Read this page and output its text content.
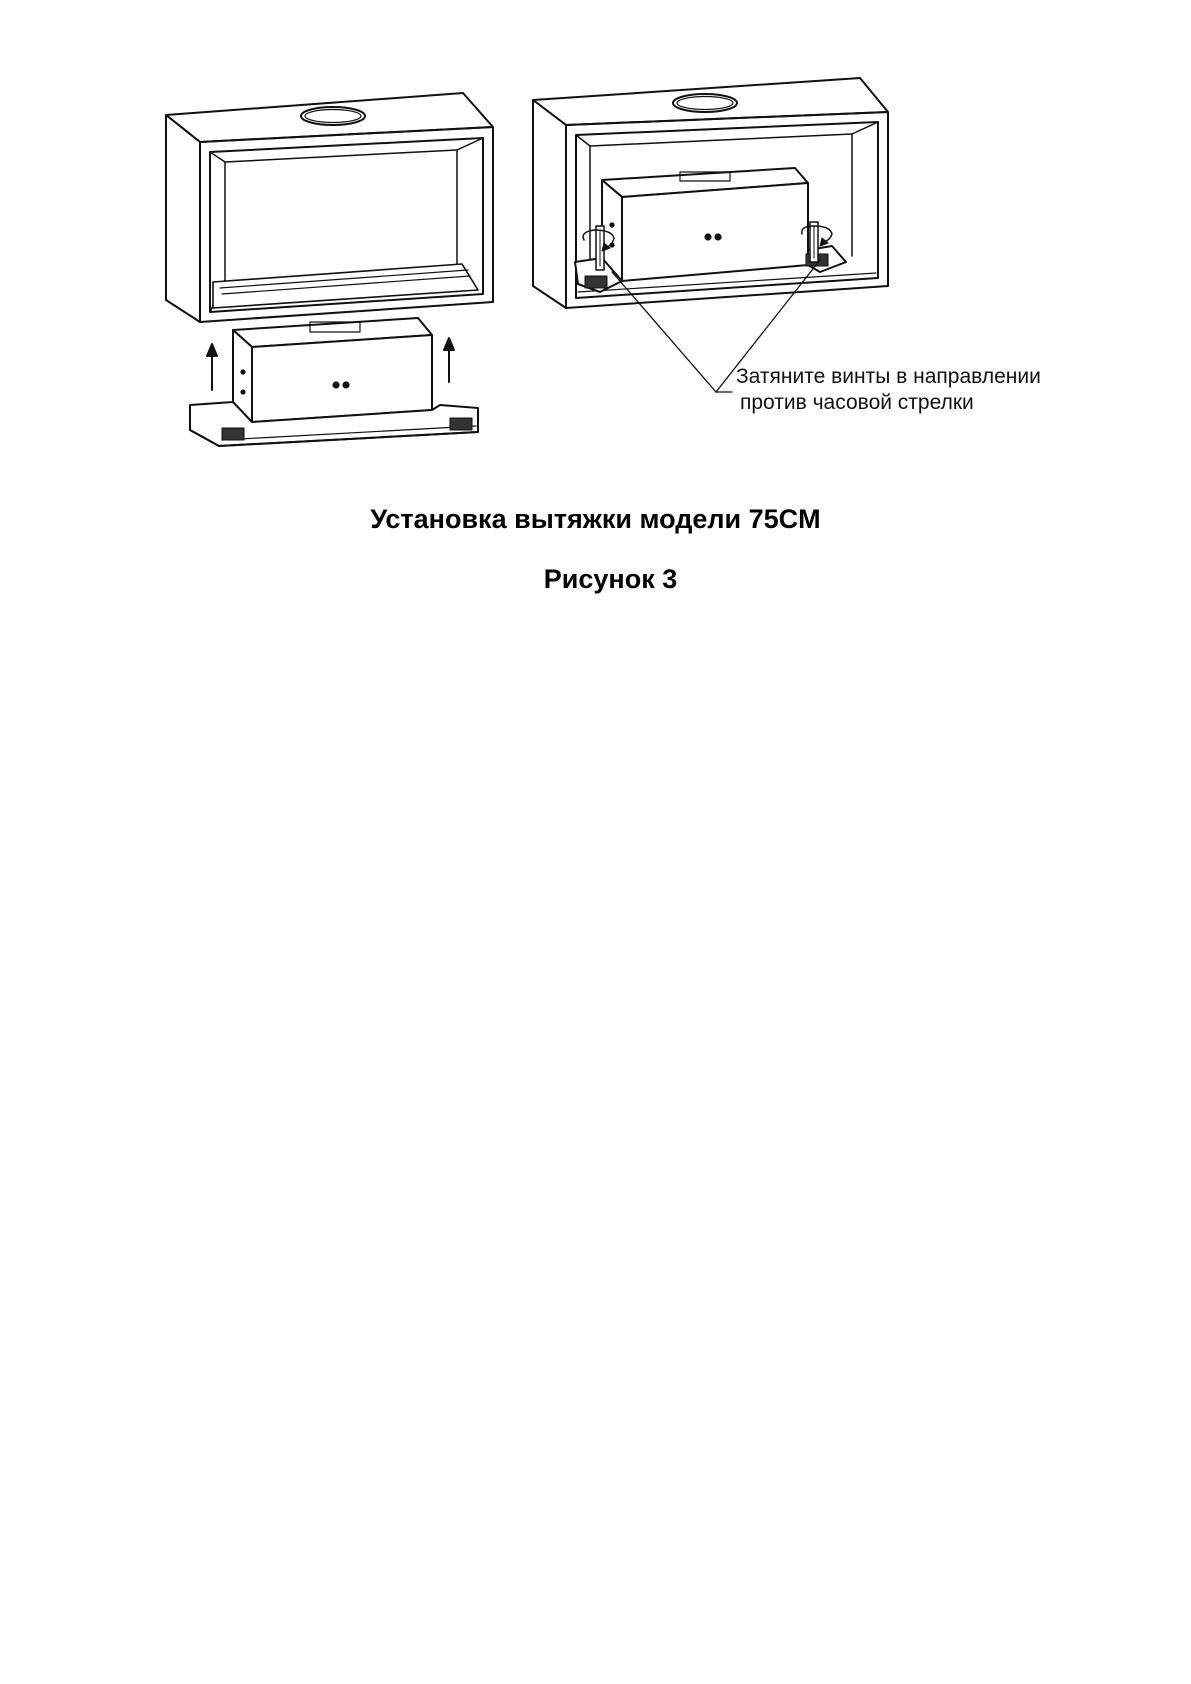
Затяните винты в направлении
против часовой стрелки
Установка вытяжки модели 75CM
Рисунок 3
